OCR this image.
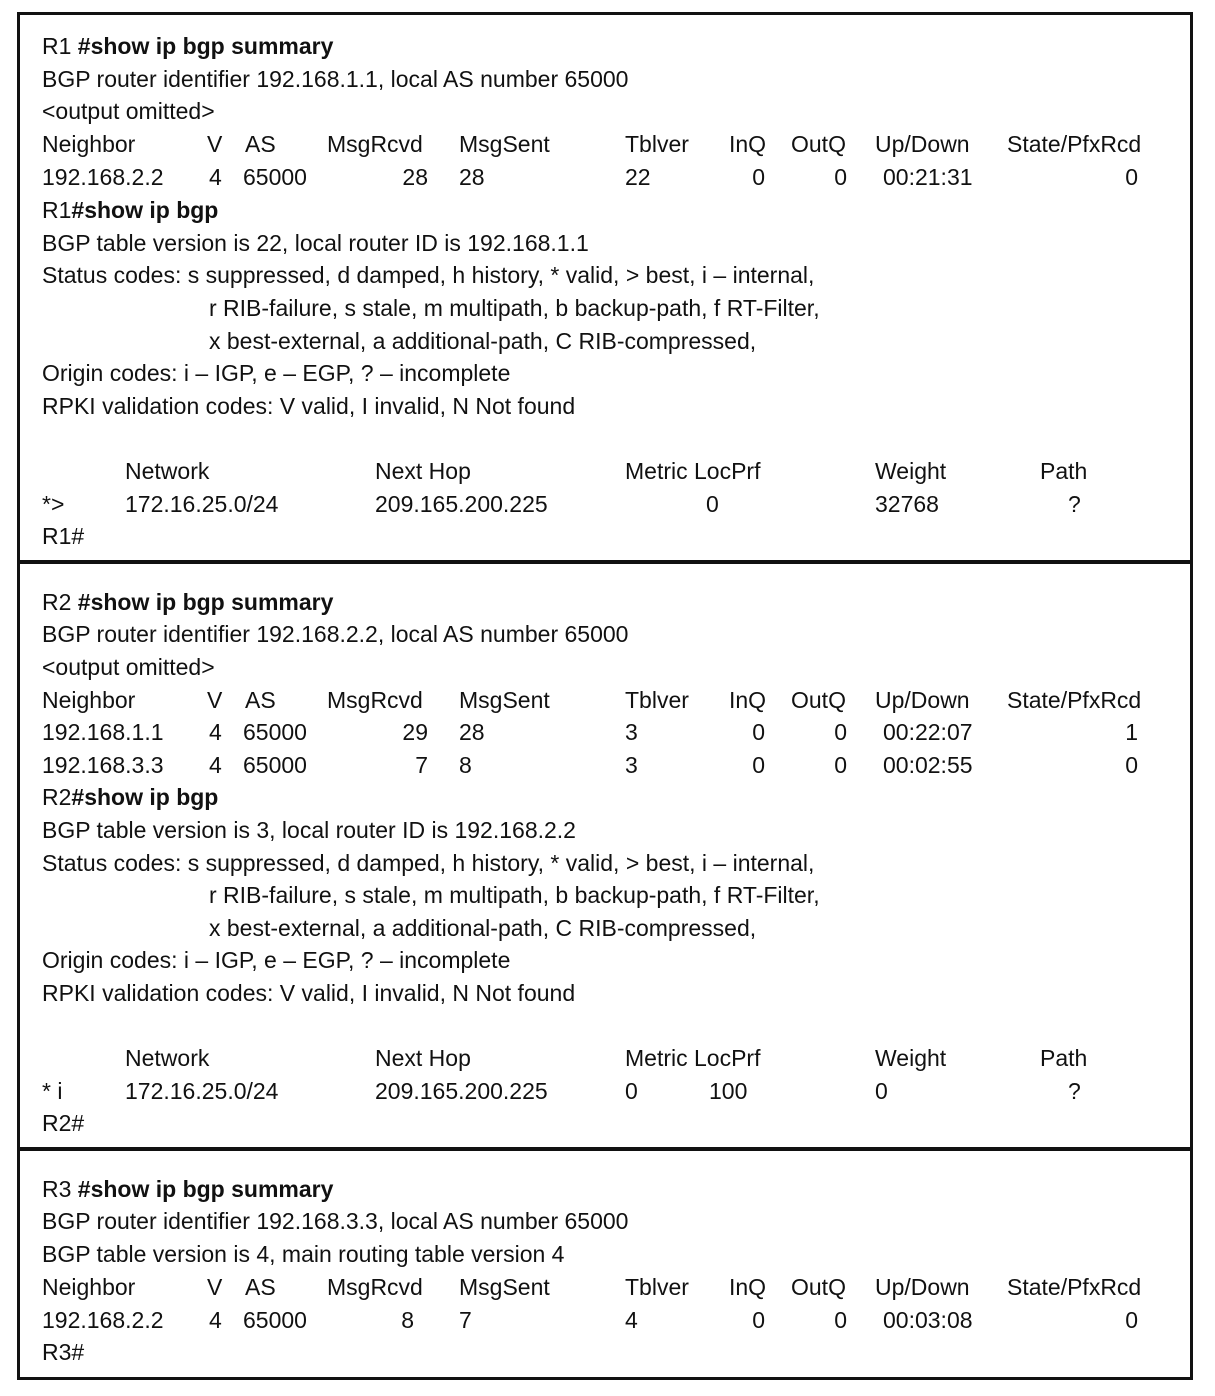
R1 #show ip bgp summary
BGP router identifier 192.168.1.1, local AS number 65000
<output omitted>
Neighbor	V AS MsgRcvd MsgSent	Tblver InQ OutQ Up/Down State/PfxRcd
192.168.2.2 4 65000	28 28	22	0	0 00:21:31	0
R1#show ip bgp
BGP table version is 22, local router ID is 192.168.1.1
Status codes: s suppressed, d damped, h history, * valid, > best, i – internal,
r RIB-failure, s stale, m multipath, b backup-path, f RT-Filter,
x best-external, a additional-path, C RIB-compressed,
Origin codes: i – IGP, e – EGP, ? – incomplete
RPKI validation codes: V valid, I invalid, N Not found
Network	Next Hop	Metric LocPrf	Weight	Path
*>	172.16.25.0/24	209.165.200.225	0	32768	?
R1#
R2 #show ip bgp summary
BGP router identifier 192.168.2.2, local AS number 65000
<output omitted>
Neighbor	V AS MsgRcvd MsgSent	Tblver InQ OutQ Up/Down State/PfxRcd
192.168.1.1 4 65000	29 28	3	0	0 00:22:07	1
192.168.3.3 4 65000	7 8	3	0	0 00:02:55	0
R2#show ip bgp
BGP table version is 3, local router ID is 192.168.2.2
Status codes: s suppressed, d damped, h history, * valid, > best, i – internal,
r RIB-failure, s stale, m multipath, b backup-path, f RT-Filter,
x best-external, a additional-path, C RIB-compressed,
Origin codes: i – IGP, e – EGP, ? – incomplete
RPKI validation codes: V valid, I invalid, N Not found
Network	Next Hop	Metric LocPrf	Weight	Path
* i	172.16.25.0/24	209.165.200.225	0	100	0	?
R2#
R3 #show ip bgp summary
BGP router identifier 192.168.3.3, local AS number 65000
BGP table version is 4, main routing table version 4
Neighbor	V AS MsgRcvd MsgSent	Tblver InQ OutQ Up/Down State/PfxRcd
192.168.2.2 4 65000	8 7	4	0	0 00:03:08	0
R3#
